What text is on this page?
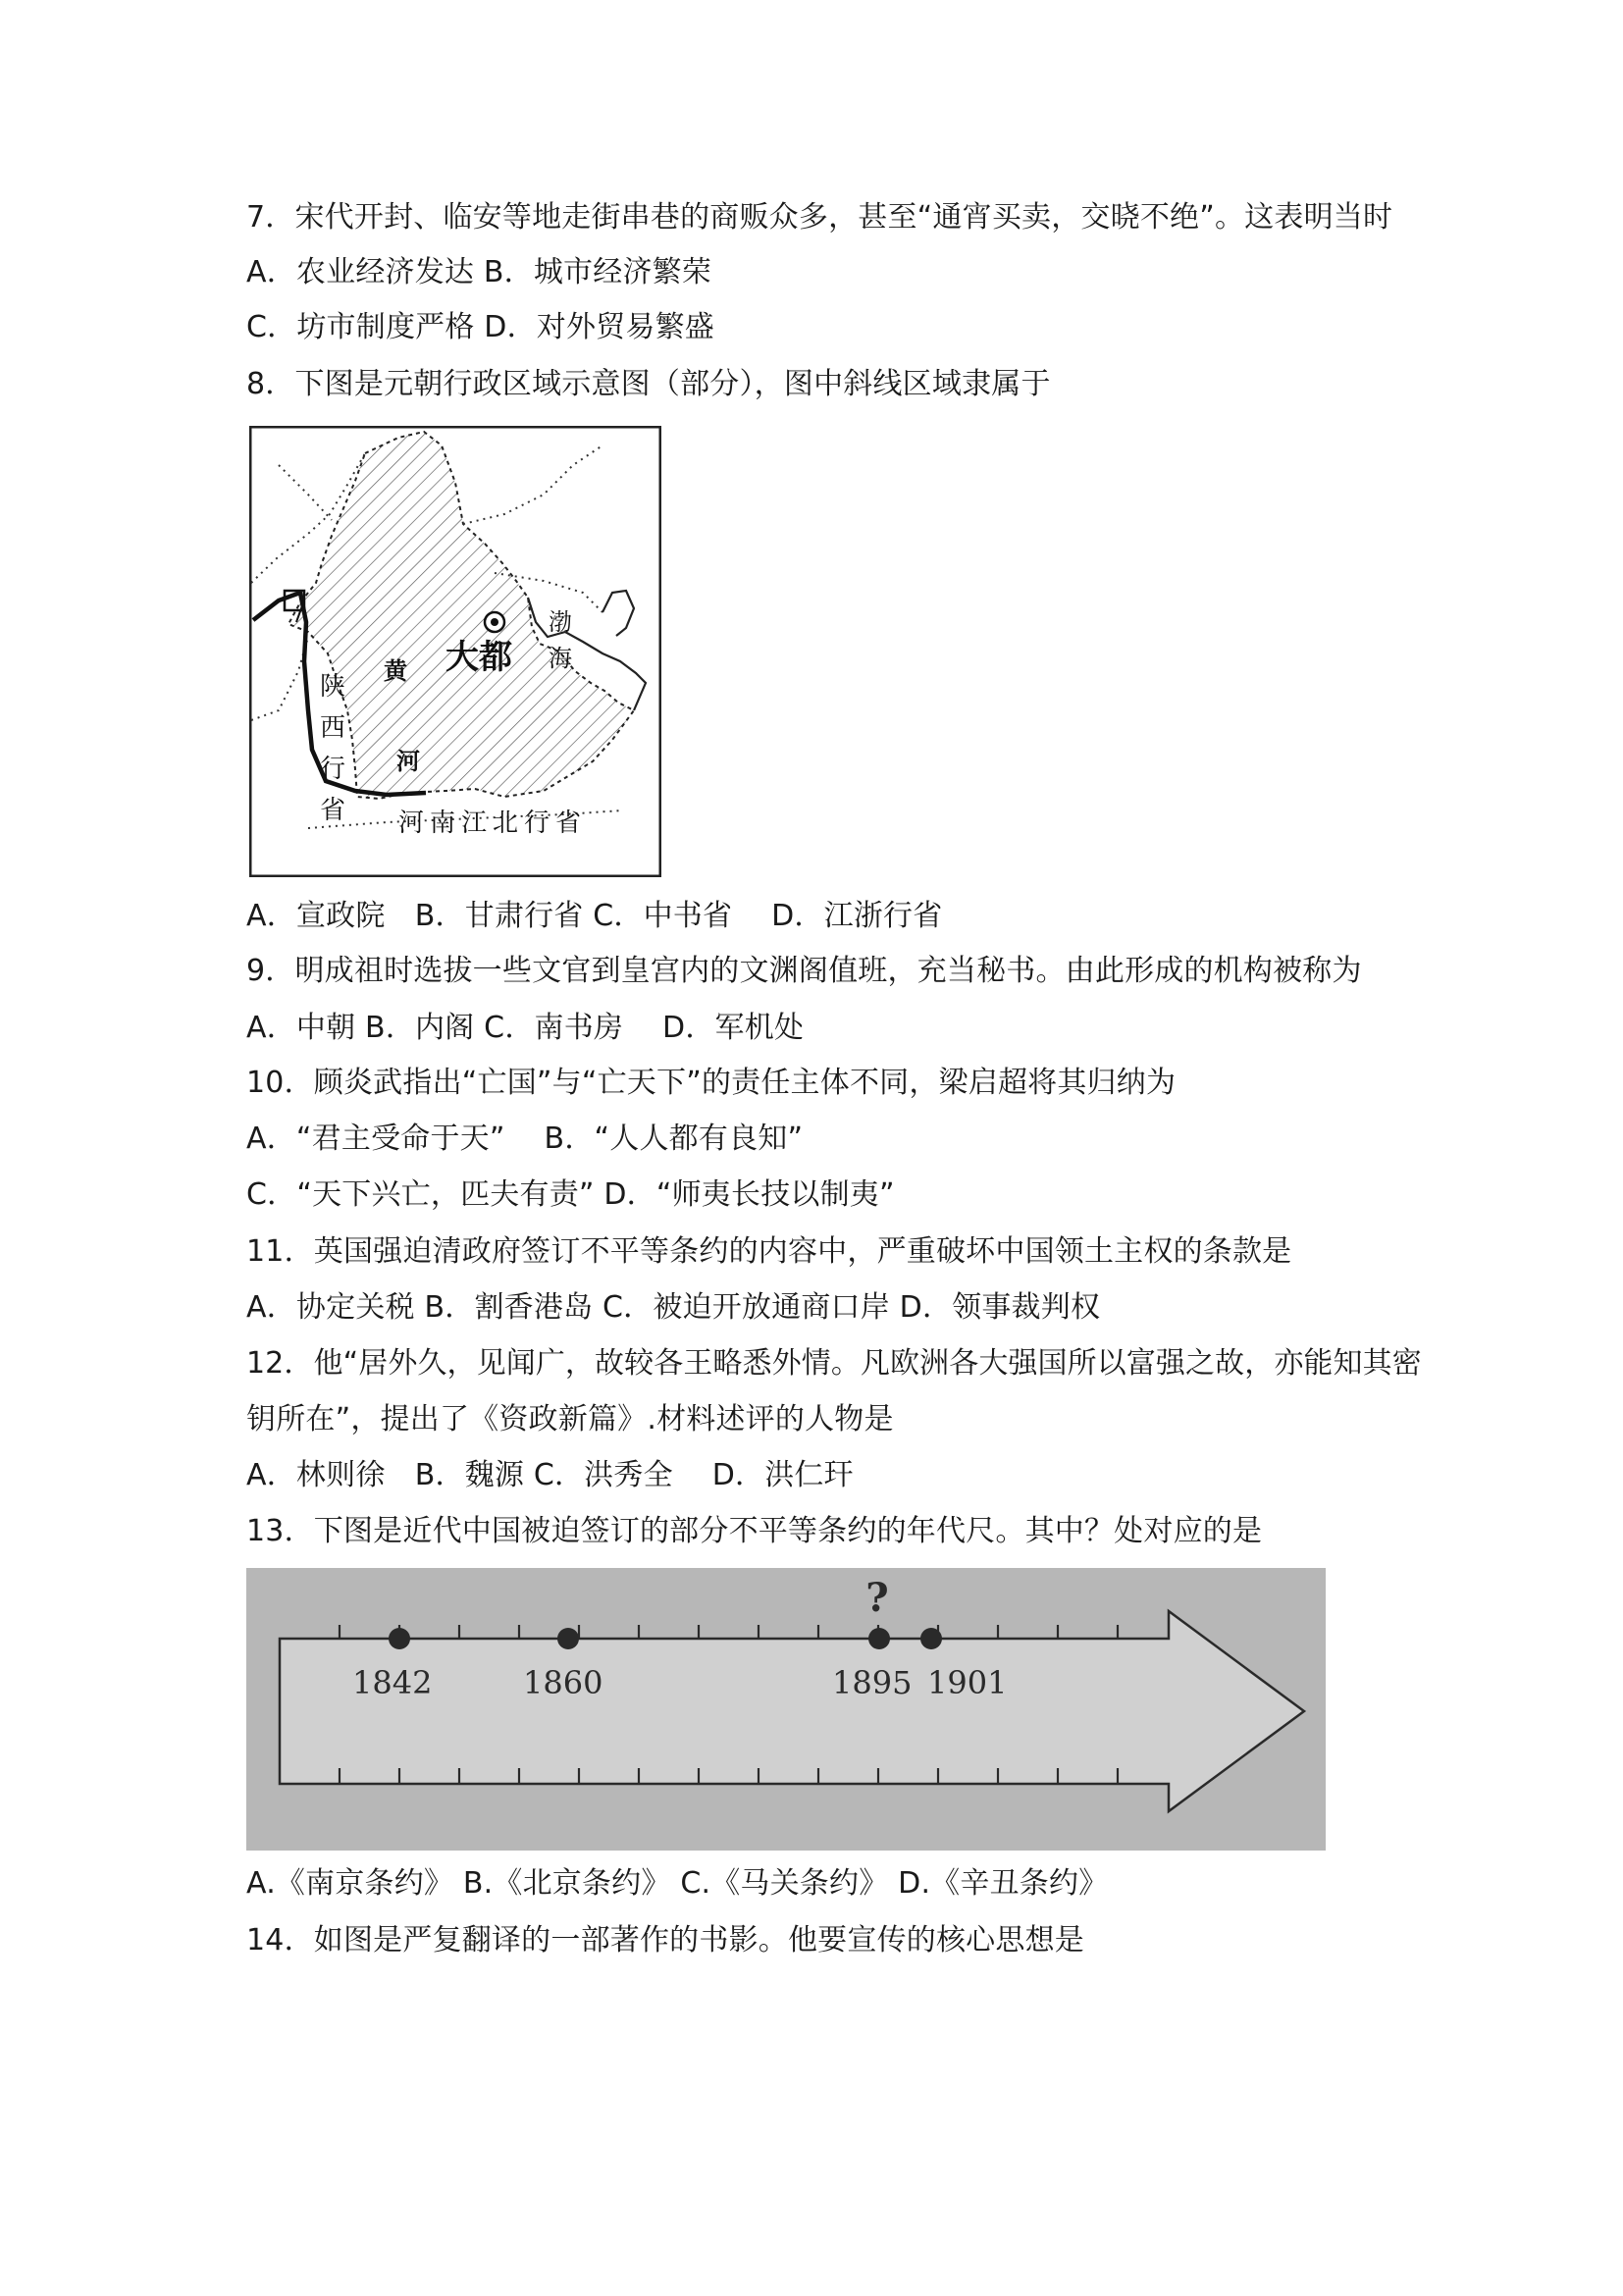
7．宋代开封、临安等地走街串巷的商贩众多，甚至“通宵买卖，交晓不绝”。这表明当时
A．农业经济发达 B．城市经济繁荣
C．坊市制度严格 D．对外贸易繁盛
8．下图是元朝行政区域示意图（部分），图中斜线区域隶属于
大都
渤
海
黄
河
陕
西
行
省 河南江北行省
A．宣政院　B．甘肃行省 C．中书省　 D．江浙行省
9．明成祖时选拔一些文官到皇宫内的文渊阁值班，充当秘书。由此形成的机构被称为
A．中朝 B．内阁 C．南书房　 D．军机处
10．顾炎武指出“亡国”与“亡天下”的责任主体不同，梁启超将其归纳为
A．“君主受命于天”　 B．“人人都有良知”
C．“天下兴亡，匹夫有责” D．“师夷长技以制夷”
11．英国强迫清政府签订不平等条约的内容中，严重破坏中国领土主权的条款是
A．协定关税 B．割香港岛 C．被迫开放通商口岸 D．领事裁判权
12．他“居外久，见闻广，故较各王略悉外情。凡欧洲各大强国所以富强之故，亦能知其密
钥所在”，提出了《资政新篇》.材料述评的人物是
A．林则徐　B．魏源 C．洪秀全　 D．洪仁玕
13．下图是近代中国被迫签订的部分不平等条约的年代尺。其中？处对应的是
1842	1860	1895 1901
?
A.《南京条约》 B.《北京条约》 C.《马关条约》 D.《辛丑条约》
14．如图是严复翻译的一部著作的书影。他要宣传的核心思想是
